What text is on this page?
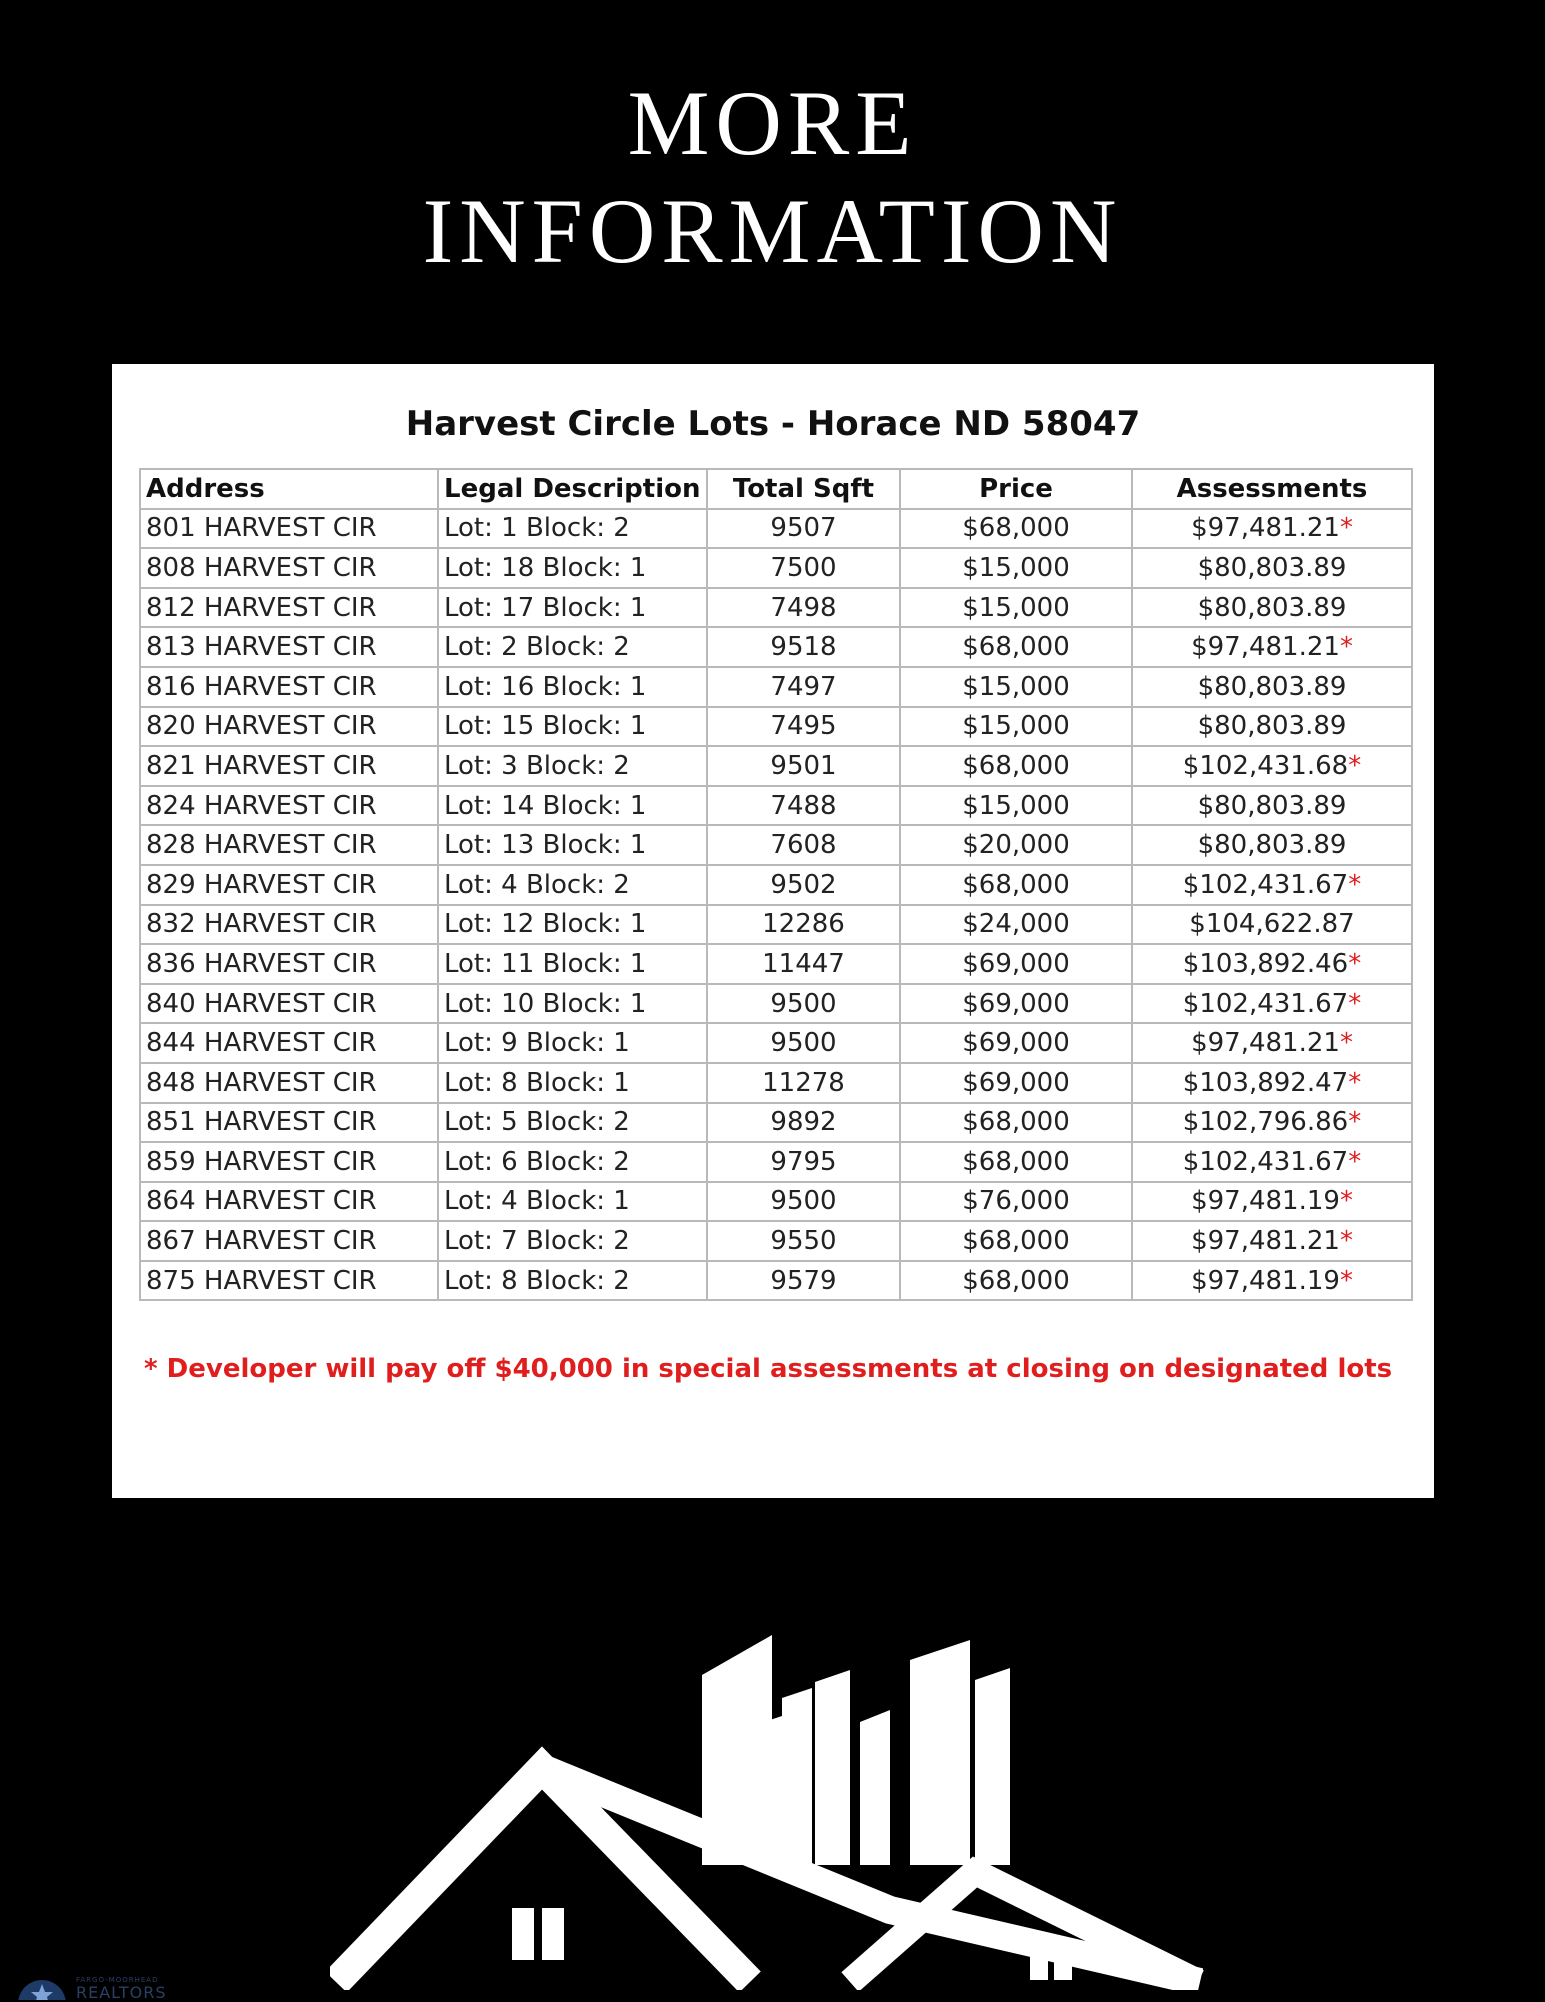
MORE
INFORMATION
Harvest Circle Lots - Horace ND 58047
Address	Legal Description	Total Sqft	Price	Assessments
801 HARVEST CIR	Lot: 1 Block: 2	9507	$68,000	$97,481.21*
808 HARVEST CIR	Lot: 18 Block: 1	7500	$15,000	$80,803.89
812 HARVEST CIR	Lot: 17 Block: 1	7498	$15,000	$80,803.89
813 HARVEST CIR	Lot: 2 Block: 2	9518	$68,000	$97,481.21*
816 HARVEST CIR	Lot: 16 Block: 1	7497	$15,000	$80,803.89
820 HARVEST CIR	Lot: 15 Block: 1	7495	$15,000	$80,803.89
821 HARVEST CIR	Lot: 3 Block: 2	9501	$68,000	$102,431.68*
824 HARVEST CIR	Lot: 14 Block: 1	7488	$15,000	$80,803.89
828 HARVEST CIR	Lot: 13 Block: 1	7608	$20,000	$80,803.89
829 HARVEST CIR	Lot: 4 Block: 2	9502	$68,000	$102,431.67*
832 HARVEST CIR	Lot: 12 Block: 1	12286	$24,000	$104,622.87
836 HARVEST CIR	Lot: 11 Block: 1	11447	$69,000	$103,892.46*
840 HARVEST CIR	Lot: 10 Block: 1	9500	$69,000	$102,431.67*
844 HARVEST CIR	Lot: 9 Block: 1	9500	$69,000	$97,481.21*
848 HARVEST CIR	Lot: 8 Block: 1	11278	$69,000	$103,892.47*
851 HARVEST CIR	Lot: 5 Block: 2	9892	$68,000	$102,796.86*
859 HARVEST CIR	Lot: 6 Block: 2	9795	$68,000	$102,431.67*
864 HARVEST CIR	Lot: 4 Block: 1	9500	$76,000	$97,481.19*
867 HARVEST CIR	Lot: 7 Block: 2	9550	$68,000	$97,481.21*
875 HARVEST CIR	Lot: 8 Block: 2	9579	$68,000	$97,481.19*
* Developer will pay off $40,000 in special assessments at closing on designated lots
FARGO-MOORHEAD
REALTORS
